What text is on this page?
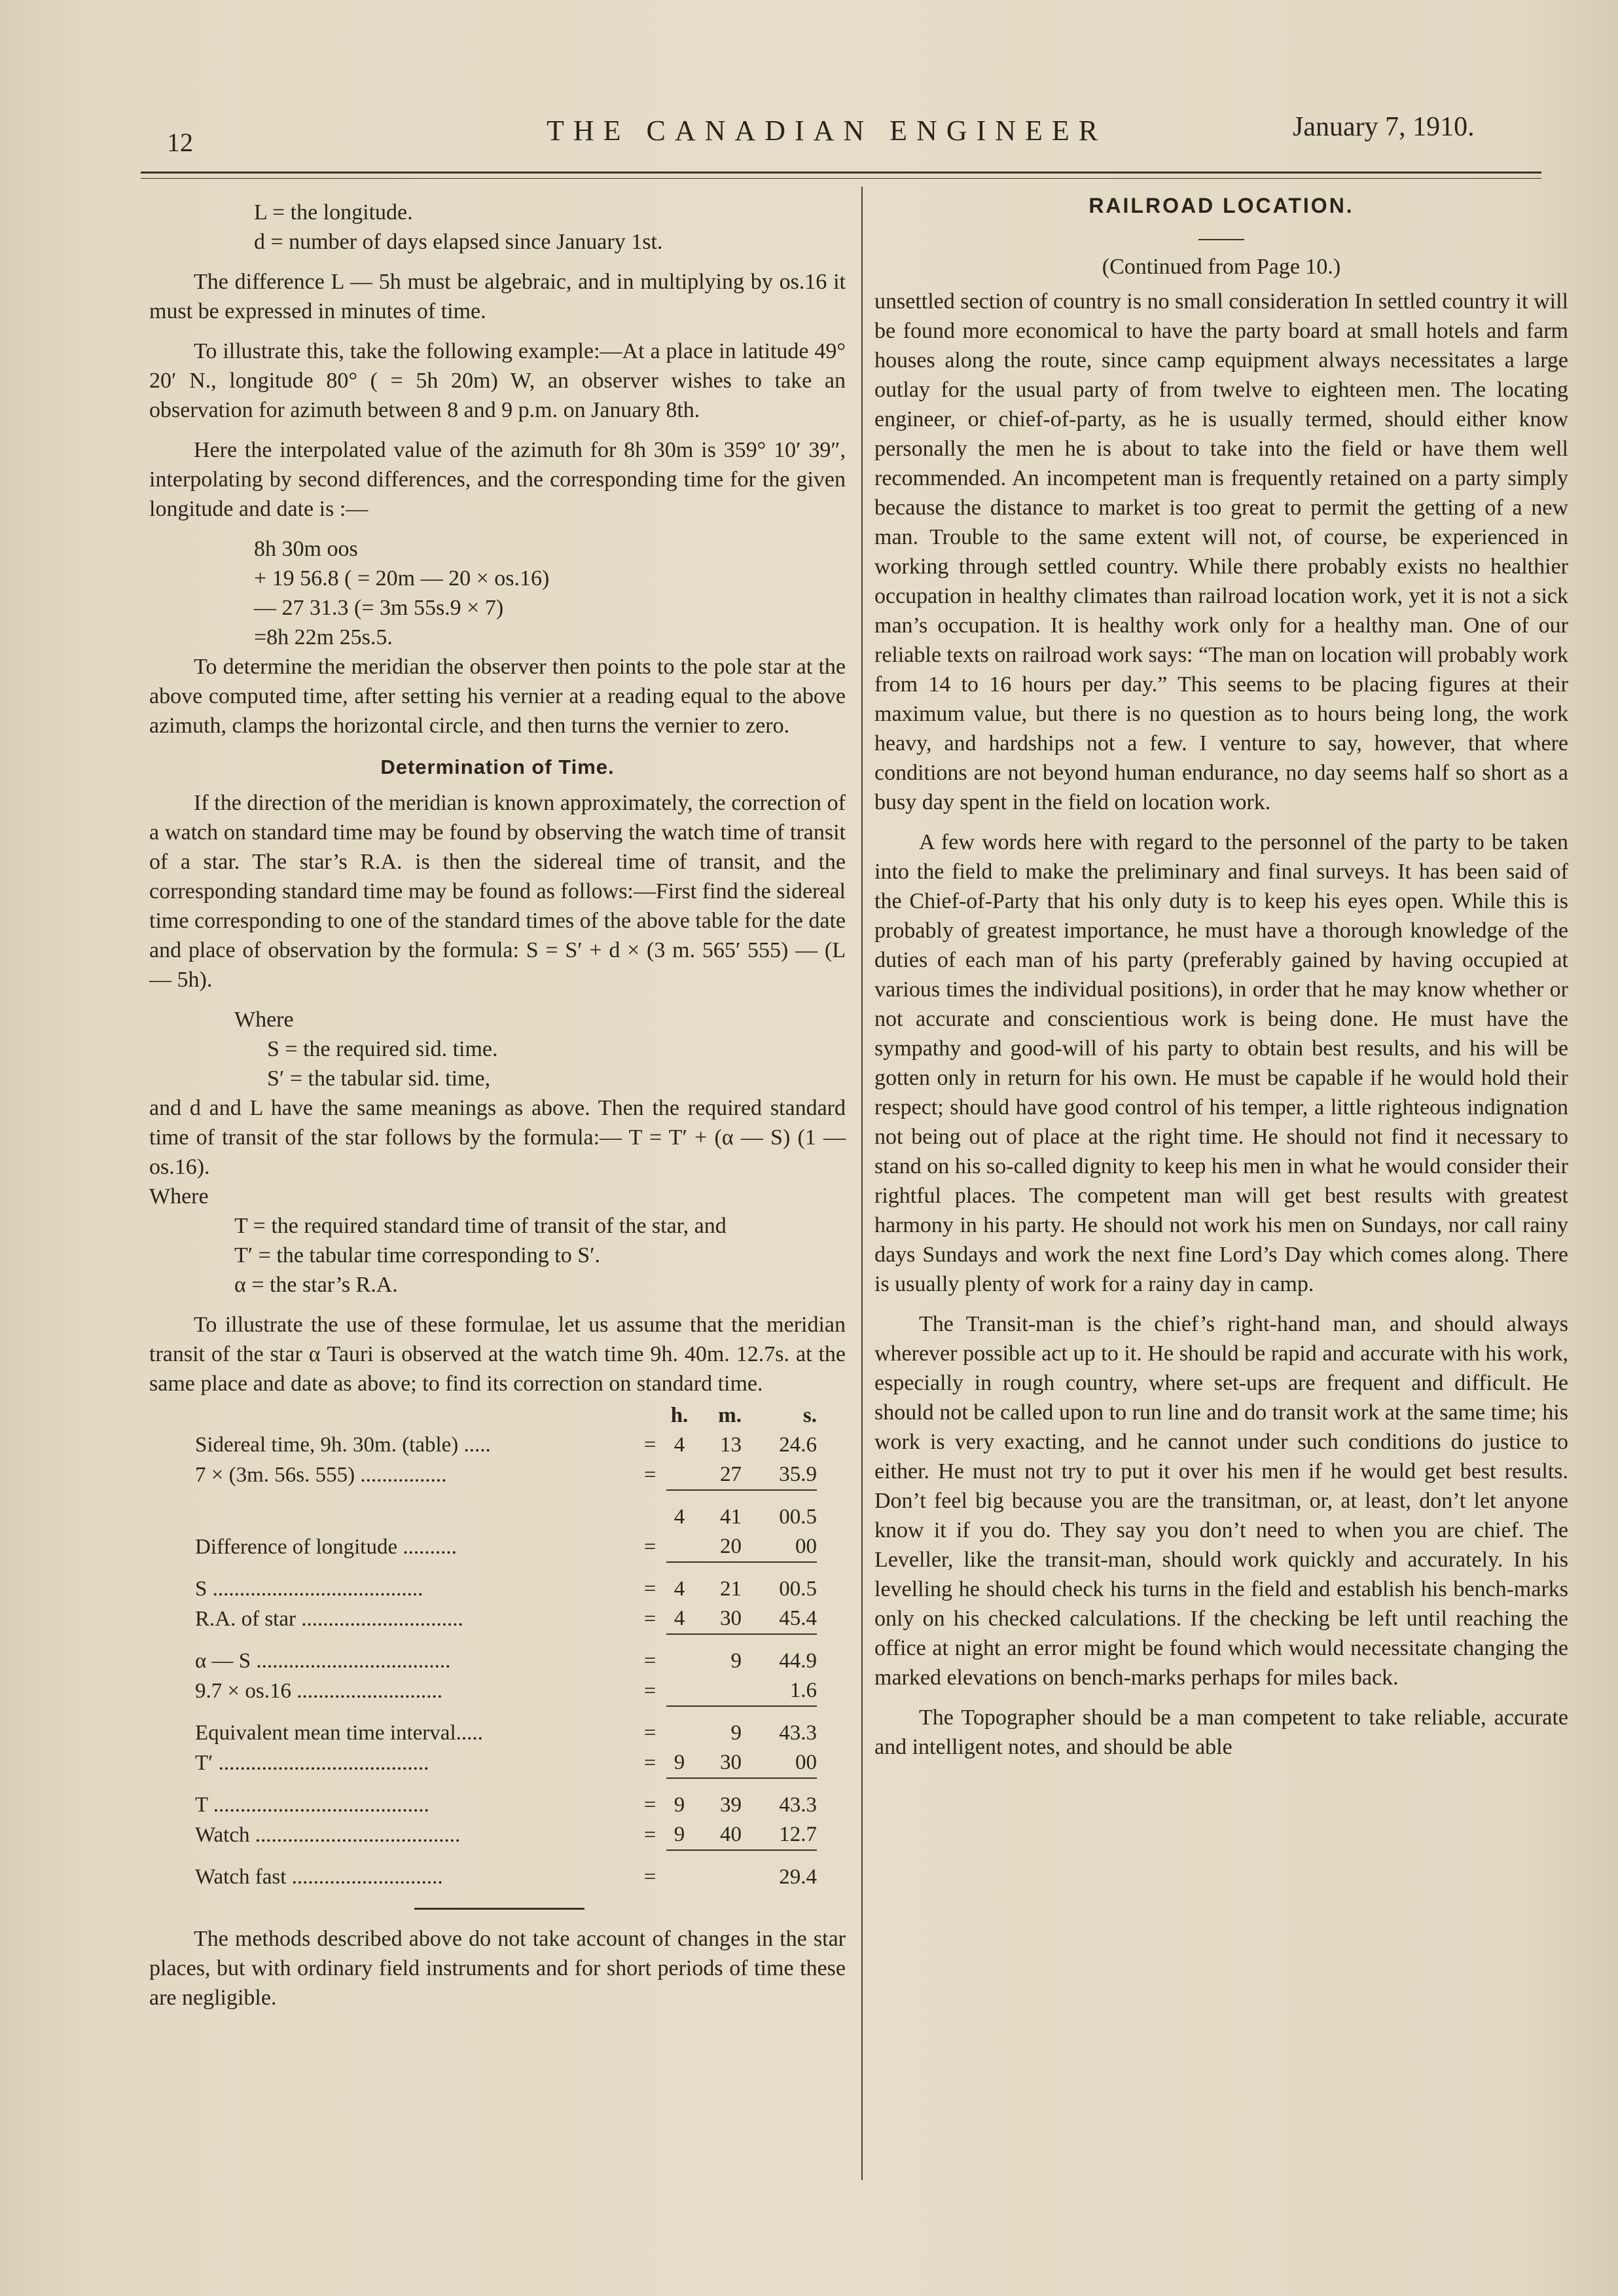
12	THE CANADIAN ENGINEER	January 7, 1910.

L = the longitude.

d = number of days elapsed since January 1st.

The difference L — 5h must be algebraic, and in multiplying by os.16 it must be expressed in minutes of time.

To illustrate this, take the following example:—At a place in latitude 49° 20′ N., longitude 80° ( = 5h 20m) W, an observer wishes to take an observation for azimuth between 8 and 9 p.m. on January 8th.

Here the interpolated value of the azimuth for 8h 30m is 359° 10′ 39″, interpolating by second differences, and the corresponding time for the given longitude and date is :—

8h 30m oos

+ 19 56.8 ( = 20m — 20 × os.16)

— 27 31.3 (= 3m 55s.9 × 7)

=8h 22m 25s.5.

To determine the meridian the observer then points to the pole star at the above computed time, after setting his vernier at a reading equal to the above azimuth, clamps the horizontal circle, and then turns the vernier to zero.

Determination of Time.

If the direction of the meridian is known approximately, the correction of a watch on standard time may be found by observing the watch time of transit of a star. The star’s R.A. is then the sidereal time of transit, and the corresponding standard time may be found as follows:—First find the sidereal time corresponding to one of the standard times of the above table for the date and place of observation by the formula: S = S′ + d × (3 m. 565′ 555) — (L — 5h).

Where

S = the required sid. time.

S′ = the tabular sid. time,

and d and L have the same meanings as above. Then the required standard time of transit of the star follows by the formula:— T = T′ + (α — S) (1 — os.16).

Where

T = the required standard time of transit of the star, and

T′ = the tabular time corresponding to S′.

α = the star’s R.A.

To illustrate the use of these formulae, let us assume that the meridian transit of the star α Tauri is observed at the watch time 9h. 40m. 12.7s. at the same place and date as above; to find its correction on standard time.

		h.	m.	s.
Sidereal time, 9h. 30m. (table) .....	=	4	13	24.6
7 × (3m. 56s. 555) ................	=		27	35.9

		4	41	00.5
Difference of longitude ..........	=		20	00

S .......................................	=	4	21	00.5
R.A. of star ..............................	=	4	30	45.4

α — S ....................................	=		9	44.9
9.7 × os.16 ...........................	=			1.6

Equivalent mean time interval.....	=		9	43.3
T′ .......................................	=	9	30	00

T ........................................	=	9	39	43.3
Watch ......................................	=	9	40	12.7

Watch fast ............................	=			29.4

The methods described above do not take account of changes in the star places, but with ordinary field instruments and for short periods of time these are negligible.

RAILROAD LOCATION.
(Continued from Page 10.)

unsettled section of country is no small consideration In settled country it will be found more economical to have the party board at small hotels and farm houses along the route, since camp equipment always necessitates a large outlay for the usual party of from twelve to eighteen men. The locating engineer, or chief-of-party, as he is usually termed, should either know personally the men he is about to take into the field or have them well recommended. An incompetent man is frequently retained on a party simply because the distance to market is too great to permit the getting of a new man. Trouble to the same extent will not, of course, be experienced in working through settled country. While there probably exists no healthier occupation in healthy climates than railroad location work, yet it is not a sick man’s occupation. It is healthy work only for a healthy man. One of our reliable texts on railroad work says: “The man on location will probably work from 14 to 16 hours per day.” This seems to be placing figures at their maximum value, but there is no question as to hours being long, the work heavy, and hardships not a few. I venture to say, however, that where conditions are not beyond human endurance, no day seems half so short as a busy day spent in the field on location work.

A few words here with regard to the personnel of the party to be taken into the field to make the preliminary and final surveys. It has been said of the Chief-of-Party that his only duty is to keep his eyes open. While this is probably of greatest importance, he must have a thorough knowledge of the duties of each man of his party (preferably gained by having occupied at various times the individual positions), in order that he may know whether or not accurate and conscientious work is being done. He must have the sympathy and good-will of his party to obtain best results, and his will be gotten only in return for his own. He must be capable if he would hold their respect; should have good control of his temper, a little righteous indignation not being out of place at the right time. He should not find it necessary to stand on his so-called dignity to keep his men in what he would consider their rightful places. The competent man will get best results with greatest harmony in his party. He should not work his men on Sundays, nor call rainy days Sundays and work the next fine Lord’s Day which comes along. There is usually plenty of work for a rainy day in camp.

The Transit-man is the chief’s right-hand man, and should always wherever possible act up to it. He should be rapid and accurate with his work, especially in rough country, where set-ups are frequent and difficult. He should not be called upon to run line and do transit work at the same time; his work is very exacting, and he cannot under such conditions do justice to either. He must not try to put it over his men if he would get best results. Don’t feel big because you are the transitman, or, at least, don’t let anyone know it if you do. They say you don’t need to when you are chief. The Leveller, like the transit-man, should work quickly and accurately. In his levelling he should check his turns in the field and establish his bench-marks only on his checked calculations. If the checking be left until reaching the office at night an error might be found which would necessitate changing the marked elevations on bench-marks perhaps for miles back.

The Topographer should be a man competent to take reliable, accurate and intelligent notes, and should be able
